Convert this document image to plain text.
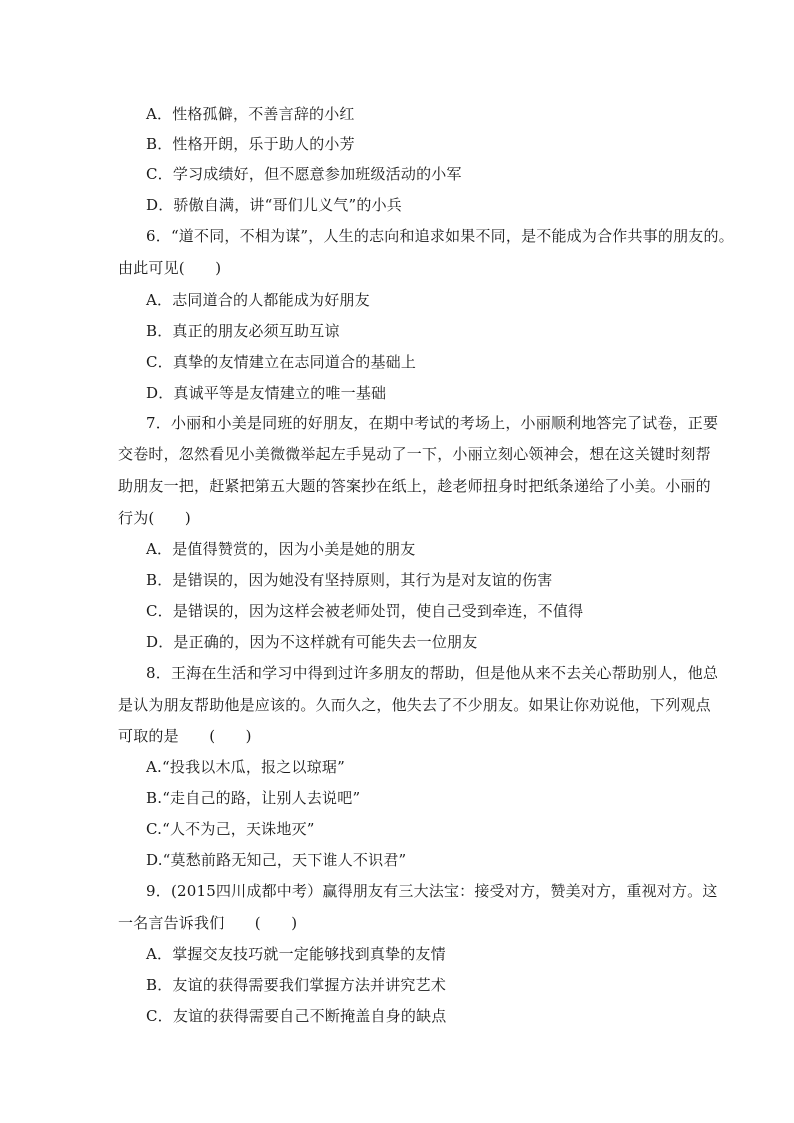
A．性格孤僻，不善言辞的小红
B．性格开朗，乐于助人的小芳
C．学习成绩好，但不愿意参加班级活动的小军
D．骄傲自满，讲“哥们儿义气”的小兵
6．“道不同，不相为谋”，人生的志向和追求如果不同，是不能成为合作共事的朋友的。
由此可见(　　)
A．志同道合的人都能成为好朋友
B．真正的朋友必须互助互谅
C．真挚的友情建立在志同道合的基础上
D．真诚平等是友情建立的唯一基础
7．小丽和小美是同班的好朋友，在期中考试的考场上，小丽顺利地答完了试卷，正要
交卷时，忽然看见小美微微举起左手晃动了一下，小丽立刻心领神会，想在这关键时刻帮
助朋友一把，赶紧把第五大题的答案抄在纸上，趁老师扭身时把纸条递给了小美。小丽的
行为(　　)
A．是值得赞赏的，因为小美是她的朋友
B．是错误的，因为她没有坚持原则，其行为是对友谊的伤害
C．是错误的，因为这样会被老师处罚，使自己受到牵连，不值得
D．是正确的，因为不这样就有可能失去一位朋友
8．王海在生活和学习中得到过许多朋友的帮助，但是他从来不去关心帮助别人，他总
是认为朋友帮助他是应该的。久而久之，他失去了不少朋友。如果让你劝说他，下列观点
可取的是　　(　　)
A.“投我以木瓜，报之以琼琚”
B.“走自己的路，让别人去说吧”
C.“人不为己，天诛地灭”
D.“莫愁前路无知己，天下谁人不识君”
9．(2015四川成都中考）赢得朋友有三大法宝：接受对方，赞美对方，重视对方。这
一名言告诉我们　　(　　)
A．掌握交友技巧就一定能够找到真挚的友情
B．友谊的获得需要我们掌握方法并讲究艺术
C．友谊的获得需要自己不断掩盖自身的缺点
